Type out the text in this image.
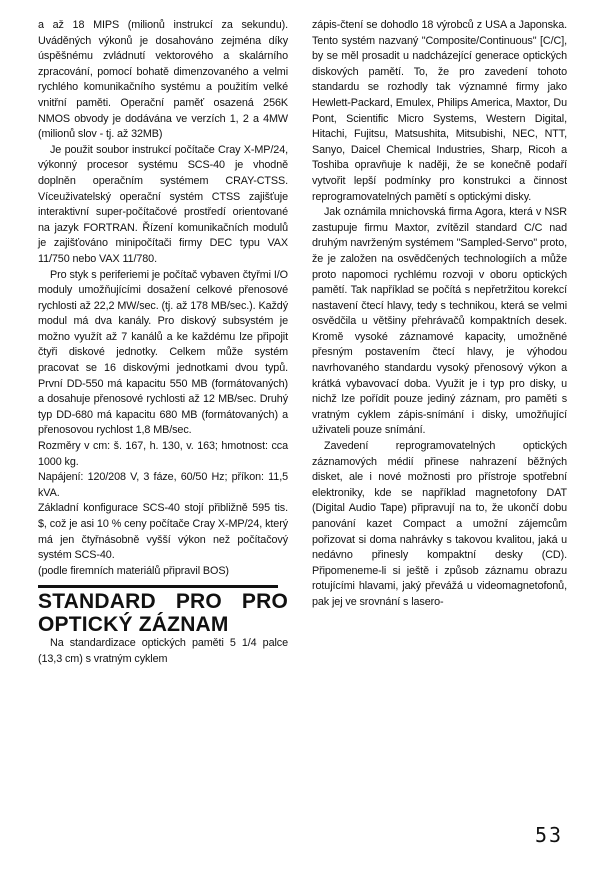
a až 18 MIPS (milionů instrukcí za sekundu). Uváděných výkonů je dosahováno zejména díky úspěšnému zvládnutí vektorového a skalárního zpracování, pomocí bohatě dimenzovaného a velmi rychlého komunikačního systému a použitím velké vnitřní paměti. Operační paměť osazená 256K NMOS obvody je dodávána ve verzích 1, 2 a 4MW (milionů slov - tj. až 32MB)

Je použit soubor instrukcí počítače Cray X-MP/24, výkonný procesor systému SCS-40 je vhodně doplněn operačním systémem CRAY-CTSS. Víceuživatelský operační systém CTSS zajišťuje interaktivní super-počítačové prostředí orientované na jazyk FORTRAN. Řízení komunikačních modulů je zajišťováno minipočítači firmy DEC typu VAX 11/750 nebo VAX 11/780.

Pro styk s periferiemi je počítač vybaven čtyřmi I/O moduly umožňujícími dosažení celkové přenosové rychlosti až 22,2 MW/sec. (tj. až 178 MB/sec.). Každý modul má dva kanály. Pro diskový subsystém je možno využít až 7 kanálů a ke každému lze připojit čtyři diskové jednotky. Celkem může systém pracovat se 16 diskovými jednotkami dvou typů. První DD-550 má kapacitu 550 MB (formátovaných) a dosahuje přenosové rychlosti až 12 MB/sec. Druhý typ DD-680 má kapacitu 680 MB (formátovaných) a přenosovou rychlost 1,8 MB/sec.

Rozměry v cm: š. 167, h. 130, v. 163; hmotnost: cca 1000 kg.

Napájení: 120/208 V, 3 fáze, 60/50 Hz; příkon: 11,5 kVA.

Základní konfigurace SCS-40 stojí přibližně 595 tis. $, což je asi 10 % ceny počítače Cray X-MP/24, který má jen čtyřnásobně vyšší výkon než počítačový systém SCS-40.

(podle firemních materiálů připravil BOS)

STANDARD PRO PRO OPTICKÝ ZÁZNAM

Na standardizace optických paměti 5 1/4 palce (13,3 cm) s vratným cyklem

zápis-čtení se dohodlo 18 výrobců z USA a Japonska. Tento systém nazvaný "Composite/Continuous" [C/C], by se měl prosadit u nadcházející generace optických diskových pamětí. To, že pro zavedení tohoto standardu se rozhodly tak významné firmy jako Hewlett-Packard, Emulex, Philips America, Maxtor, Du Pont, Scientific Micro Systems, Western Digital, Hitachi, Fujitsu, Matsushita, Mitsubishi, NEC, NTT, Sanyo, Daicel Chemical Industries, Sharp, Ricoh a Toshiba opravňuje k naději, že se konečně podaří vytvořit lepší podmínky pro konstrukci a činnost reprogramovatelných pamětí s optickými disky.

Jak oznámila mnichovská firma Agora, která v NSR zastupuje firmu Maxtor, zvítězil standard C/C nad druhým navrženým systémem "Sampled-Servo" proto, že je založen na osvědčených technologiích a může proto napomoci rychlému rozvoji v oboru optických pamětí. Tak například se počítá s nepřetržitou korekcí nastavení čtecí hlavy, tedy s technikou, která se velmi osvědčila u většiny přehrávačů kompaktních desek. Kromě vysoké záznamové kapacity, umožněné přesným postavením čtecí hlavy, je výhodou navrhovaného standardu vysoký přenosový výkon a krátká vybavovací doba. Využit je i typ pro disky, u nichž lze pořídit pouze jediný záznam, pro paměti s vratným cyklem zápis-snímání i disky, umožňující uživateli pouze snímání.

Zavedení reprogramovatelných optických záznamových médií přinese nahrazení běžných disket, ale i nové možnosti pro přístroje spotřební elektroniky, kde se například magnetofony DAT (Digital Audio Tape) připravují na to, že ukončí dobu panování kazet Compact a umožní zájemcům pořizovat si doma nahrávky s takovou kvalitou, jaká u nedávno přinesly kompaktní desky (CD). Připomeneme-li si ještě i způsob záznamu obrazu rotujícími hlavami, jaký převážá u videomagnetofonů, pak jej ve srovnání s lasero-

53
